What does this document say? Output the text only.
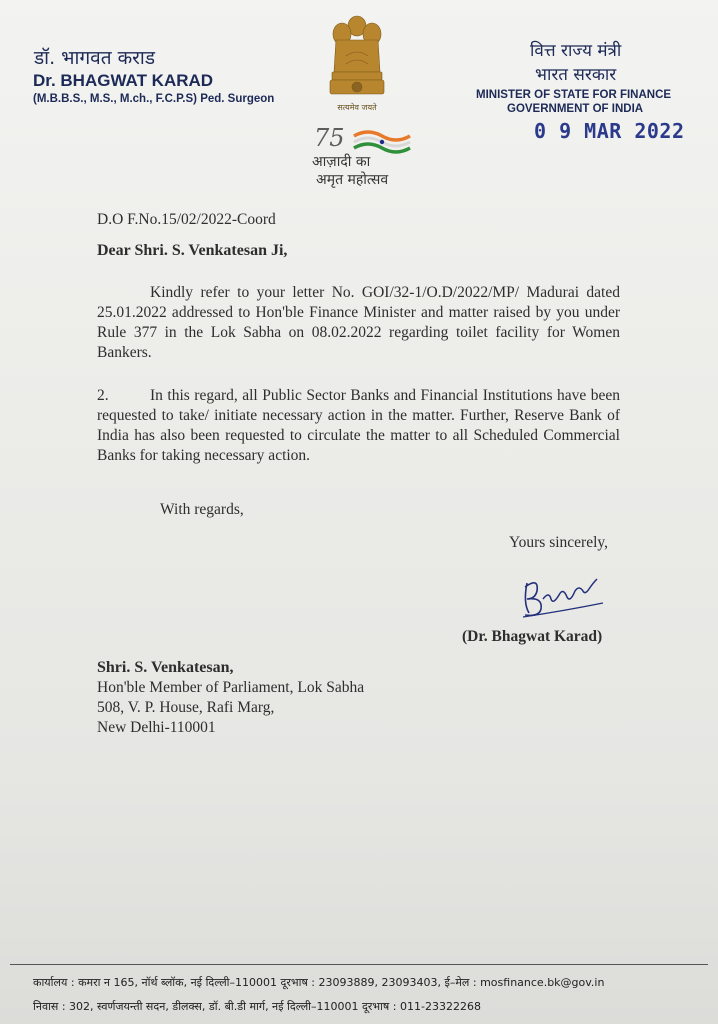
डॉ. भागवत कराड
Dr. BHAGWAT KARAD
(M.B.B.S., M.S., M.ch., F.C.P.S) Ped. Surgeon
सत्यमेव जयते
75
आज़ादी का
अमृत महोत्सव
वित्त राज्य मंत्री
भारत सरकार
MINISTER OF STATE FOR FINANCE
GOVERNMENT OF INDIA
0 9 MAR 2022
D.O F.No.15/02/2022-Coord
Dear Shri. S. Venkatesan Ji,
Kindly refer to your letter No. GOI/32-1/O.D/2022/MP/ Madurai dated 25.01.2022 addressed to Hon'ble Finance Minister and matter raised by you under Rule 377 in the Lok Sabha on 08.02.2022 regarding toilet facility for Women Bankers.
2.	In this regard, all Public Sector Banks and Financial Institutions have been requested to take/ initiate necessary action in the matter. Further, Reserve Bank of India has also been requested to circulate the matter to all Scheduled Commercial Banks for taking necessary action.
With regards,
Yours sincerely,
(Dr. Bhagwat Karad)
Shri. S. Venkatesan,
Hon'ble Member of Parliament, Lok Sabha
508, V. P. House, Rafi Marg,
New Delhi-110001
कार्यालय : कमरा न 165, नॉर्थ ब्लॉक, नई दिल्ली–110001 दूरभाष : 23093889, 23093403, ई–मेल : mosfinance.bk@gov.in
निवास : 302, स्वर्णजयन्ती सदन, डीलक्स, डॉ. बी.डी मार्ग, नई दिल्ली–110001 दूरभाष : 011-23322268
